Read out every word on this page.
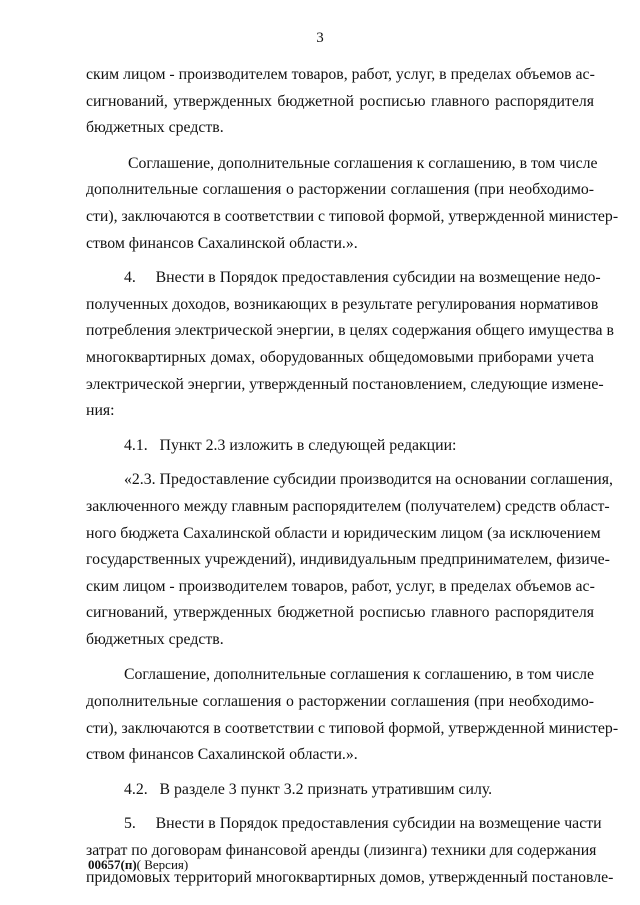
3
ским лицом - производителем товаров, работ, услуг, в пределах объемов ас-
сигнований, утвержденных бюджетной росписью главного распорядителя
бюджетных средств.
Соглашение, дополнительные соглашения к соглашению, в том числе
дополнительные соглашения о расторжении соглашения (при необходимо-
сти), заключаются в соответствии с типовой формой, утвержденной министер-
ством финансов Сахалинской области.».
4.     Внести в Порядок предоставления субсидии на возмещение недо-
полученных доходов, возникающих в результате регулирования нормативов
потребления электрической энергии, в целях содержания общего имущества в
многоквартирных домах, оборудованных общедомовыми приборами учета
электрической энергии, утвержденный постановлением, следующие измене-
ния:
4.1.   Пункт 2.3 изложить в следующей редакции:
«2.3. Предоставление субсидии производится на основании соглашения,
заключенного между главным распорядителем (получателем) средств област-
ного бюджета Сахалинской области и юридическим лицом (за исключением
государственных учреждений), индивидуальным предпринимателем, физиче-
ским лицом - производителем товаров, работ, услуг, в пределах объемов ас-
сигнований, утвержденных бюджетной росписью главного распорядителя
бюджетных средств.
Соглашение, дополнительные соглашения к соглашению, в том числе
дополнительные соглашения о расторжении соглашения (при необходимо-
сти), заключаются в соответствии с типовой формой, утвержденной министер-
ством финансов Сахалинской области.».
4.2.   В разделе 3 пункт 3.2 признать утратившим силу.
5.     Внести в Порядок предоставления субсидии на возмещение части
затрат по договорам финансовой аренды (лизинга) техники для содержания
придомовых территорий многоквартирных домов, утвержденный постановле-
00657(п)( Версия)
